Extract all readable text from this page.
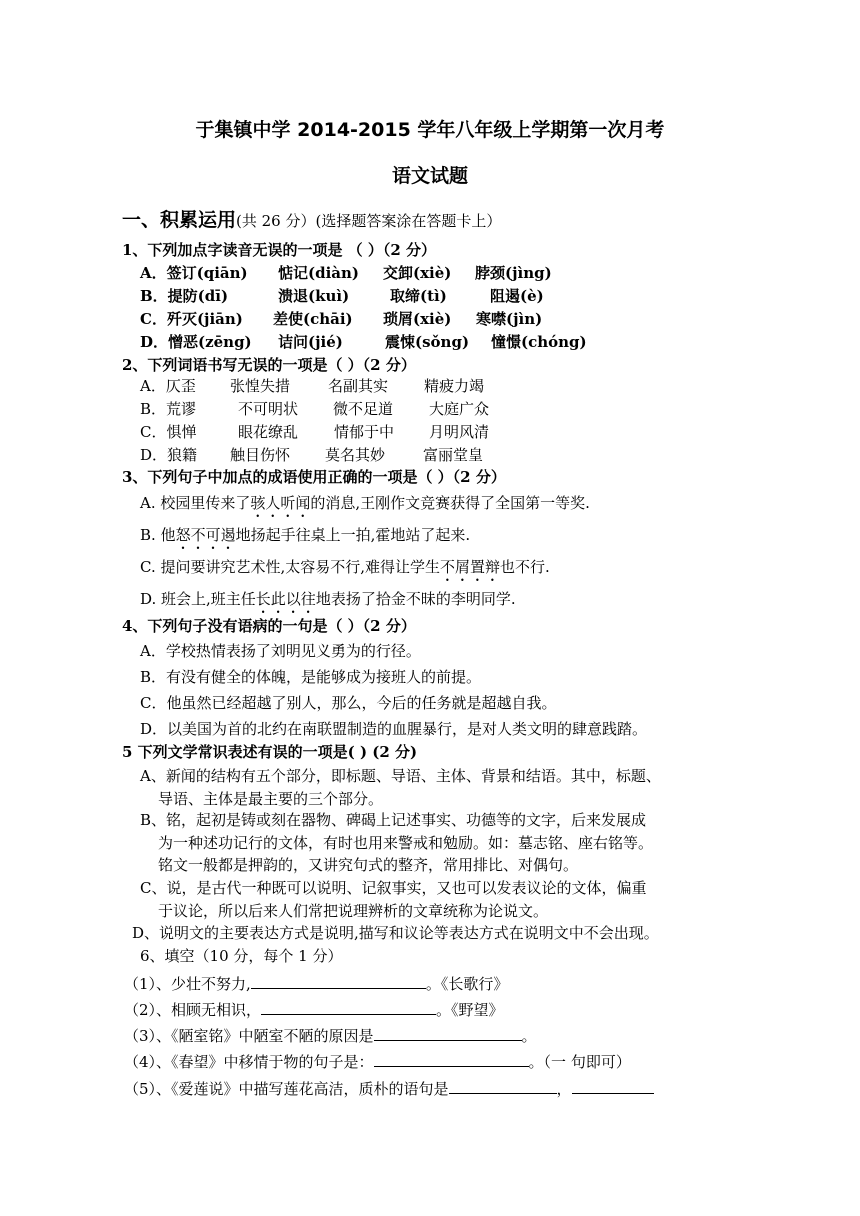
于集镇中学 2014-2015 学年八年级上学期第一次月考
语文试题
一、积累运用(共 26 分）(选择题答案涂在答题卡上）
1、下列加点字读音无误的一项是 （ ）（2 分）
A．签订(qiān) 惦记(diàn) 交卸(xiè) 脖颈(jìng)
B．提防(dī)	溃退(kuì)	取缔(tì)	阻遏(è)
C．歼灭(jiān) 差使(chāi) 琐屑(xiè) 寒噤(jìn)
D．憎恶(zēng) 诘问(jié)	震悚(sǒng) 憧憬(chóng)
2、下列词语书写无误的一项是（ ）（2 分）
A．仄歪 张惶失措	名副其实 精疲力竭
B．荒谬	不可明状 微不足道 大庭广众
C．惧惮	眼花缭乱 情郁于中 月明风清
D．狼籍 触目伤怀 莫名其妙	富丽堂皇
3、下列句子中加点的成语使用正确的一项是（ ）（2 分）
A. 校园里传来了骇人听闻的消息,王刚作文竞赛获得了全国第一等奖.
B. 他怒不可遏地扬起手往桌上一拍,霍地站了起来.
C. 提问要讲究艺术性,太容易不行,难得让学生不屑置辩也不行.
D. 班会上,班主任长此以往地表扬了拾金不昧的李明同学.
4、下列句子没有语病的一句是（ ）（2 分）
A．学校热情表扬了刘明见义勇为的行径。
B．有没有健全的体魄，是能够成为接班人的前提。
C．他虽然已经超越了别人，那么，今后的任务就是超越自我。
D．以美国为首的北约在南联盟制造的血腥暴行，是对人类文明的肆意践踏。
5 下列文学常识表述有误的一项是( ) (2 分)
A、新闻的结构有五个部分，即标题、导语、主体、背景和结语。其中，标题、
导语、主体是最主要的三个部分。
B、铭，起初是铸或刻在器物、碑碣上记述事实、功德等的文字，后来发展成
为一种述功记行的文体，有时也用来警戒和勉励。如：墓志铭、座右铭等。
铭文一般都是押韵的，又讲究句式的整齐，常用排比、对偶句。
C、说，是古代一种既可以说明、记叙事实，又也可以发表议论的文体，偏重
于议论，所以后来人们常把说理辨析的文章统称为论说文。
D、说明文的主要表达方式是说明,描写和议论等表达方式在说明文中不会出现。
6、填空（10 分，每个 1 分）
（1）、少壮不努力,	。《长歌行》
（2）、相顾无相识，	。《野望》
（3）、《陋室铭》中陋室不陋的原因是	。
（4）、《春望》中移情于物的句子是：	。（一 句即可）
（5）、《爱莲说》中描写莲花高洁，质朴的语句是	，
